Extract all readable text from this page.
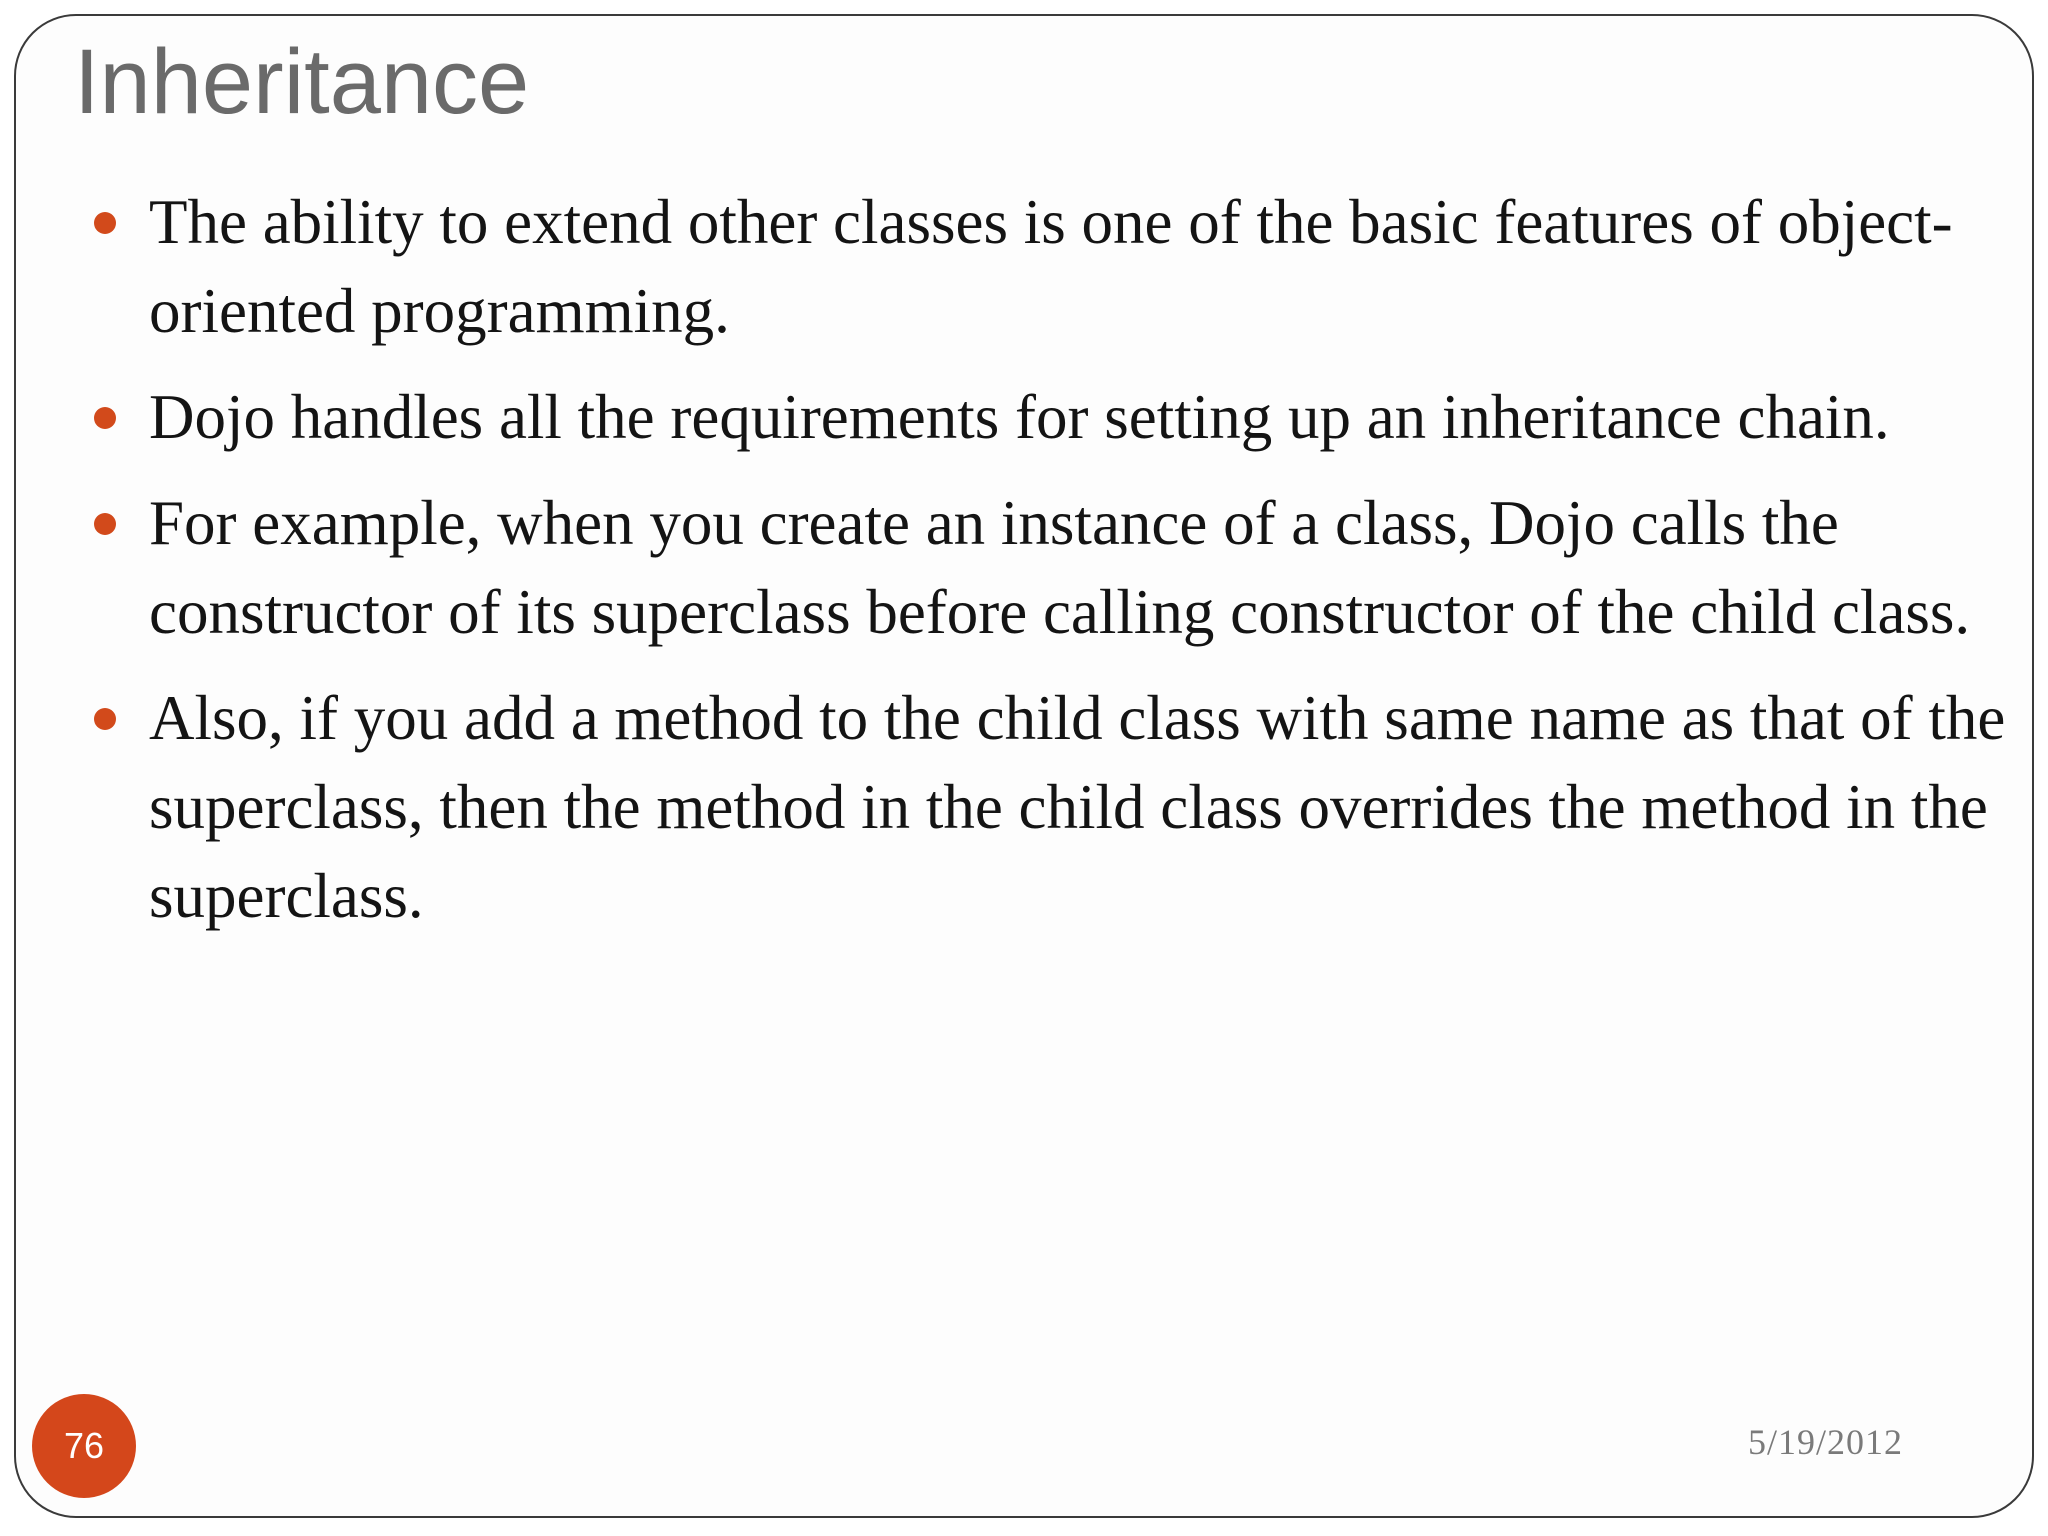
Inheritance
The ability to extend other classes is one of the basic features of object-oriented programming.
Dojo handles all the requirements for setting up an inheritance chain.
For example, when you create an instance of a class, Dojo calls the constructor of its superclass before calling constructor of the child class.
Also, if you add a method to the child class with same name as that of the superclass, then the method in the child class overrides the method in the superclass.
76	5/19/2012
